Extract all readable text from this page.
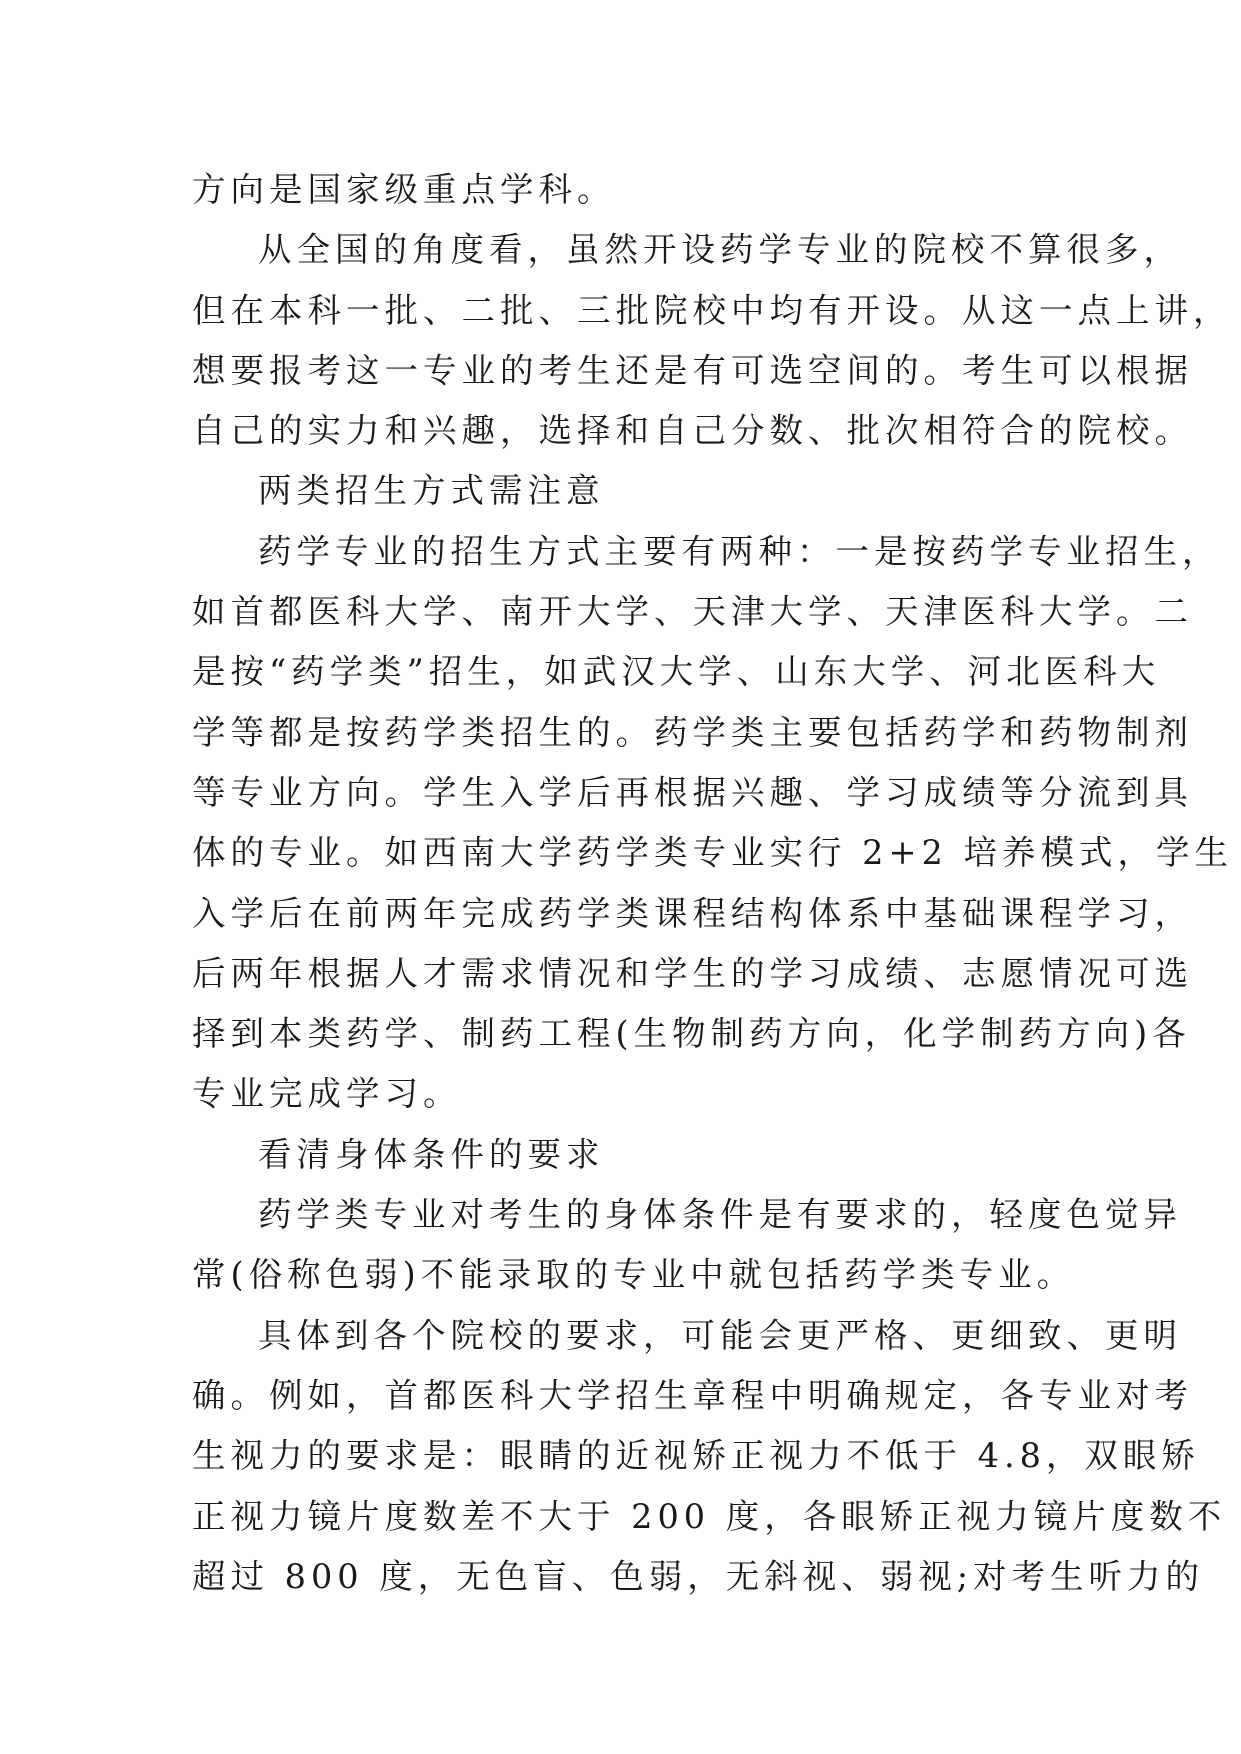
方向是国家级重点学科。
从全国的角度看，虽然开设药学专业的院校不算很多，
但在本科一批、二批、三批院校中均有开设。从这一点上讲，
想要报考这一专业的考生还是有可选空间的。考生可以根据
自己的实力和兴趣，选择和自己分数、批次相符合的院校。
两类招生方式需注意
药学专业的招生方式主要有两种：一是按药学专业招生，
如首都医科大学、南开大学、天津大学、天津医科大学。二
是按“药学类”招生，如武汉大学、山东大学、河北医科大
学等都是按药学类招生的。药学类主要包括药学和药物制剂
等专业方向。学生入学后再根据兴趣、学习成绩等分流到具
体的专业。如西南大学药学类专业实行 2+2 培养模式，学生
入学后在前两年完成药学类课程结构体系中基础课程学习，
后两年根据人才需求情况和学生的学习成绩、志愿情况可选
择到本类药学、制药工程(生物制药方向，化学制药方向)各
专业完成学习。
看清身体条件的要求
药学类专业对考生的身体条件是有要求的，轻度色觉异
常(俗称色弱)不能录取的专业中就包括药学类专业。
具体到各个院校的要求，可能会更严格、更细致、更明
确。例如，首都医科大学招生章程中明确规定，各专业对考
生视力的要求是：眼睛的近视矫正视力不低于 4.8，双眼矫
正视力镜片度数差不大于 200 度，各眼矫正视力镜片度数不
超过 800 度，无色盲、色弱，无斜视、弱视;对考生听力的
